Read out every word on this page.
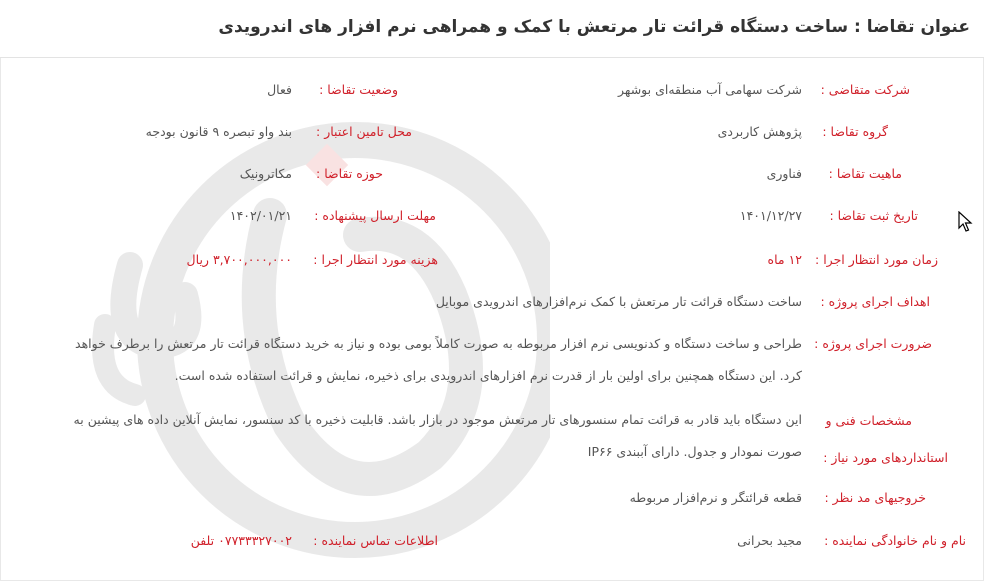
عنوان تقاضا : ساخت دستگاه قرائت تار مرتعش با کمک و همراهی نرم افزار های اندرویدی
شرکت متقاضی :
شرکت سهامی آب منطقه‌ای بوشهر
وضعیت تقاضا :
فعال
گروه تقاضا :
پژوهش کاربردی
محل تامین اعتبار :
بند واو تبصره ۹ قانون بودجه
ماهیت تقاضا :
فناوری
حوزه تقاضا :
مکاترونیک
تاریخ ثبت تقاضا :
۱۴۰۱/۱۲/۲۷
مهلت ارسال پیشنهاده :
۱۴۰۲/۰۱/۲۱
زمان مورد انتظار اجرا :
۱۲ ماه
هزینه مورد انتظار اجرا :
۳,۷۰۰,۰۰۰,۰۰۰ ریال
اهداف اجرای پروژه :
ساخت دستگاه قرائت تار مرتعش با کمک نرم‌افزارهای اندرویدی موبایل
ضرورت اجرای پروژه :
طراحی و ساخت دستگاه و کدنویسی نرم افزار مربوطه به صورت کاملاً بومی بوده و نیاز به خرید دستگاه قرائت تار مرتعش را برطرف خواهد کرد. این دستگاه همچنین برای اولین بار از قدرت نرم افزارهای اندرویدی برای ذخیره، نمایش و قرائت استفاده شده است.
مشخصات فنی و
استانداردهای مورد نیاز :
این دستگاه باید قادر به قرائت تمام سنسورهای تار مرتعش موجود در بازار باشد. قابلیت ذخیره با کد سنسور، نمایش آنلاین داده های پیشین به صورت نمودار و جدول. دارای آببندی IP۶۶
خروجیهای مد نظر :
قطعه قرائتگر و نرم‌افزار مربوطه
نام و نام خانوادگی نماینده :
مجید بحرانی
اطلاعات تماس نماینده :
۰۷۷۳۳۳۲۷۰۰۲ تلفن
